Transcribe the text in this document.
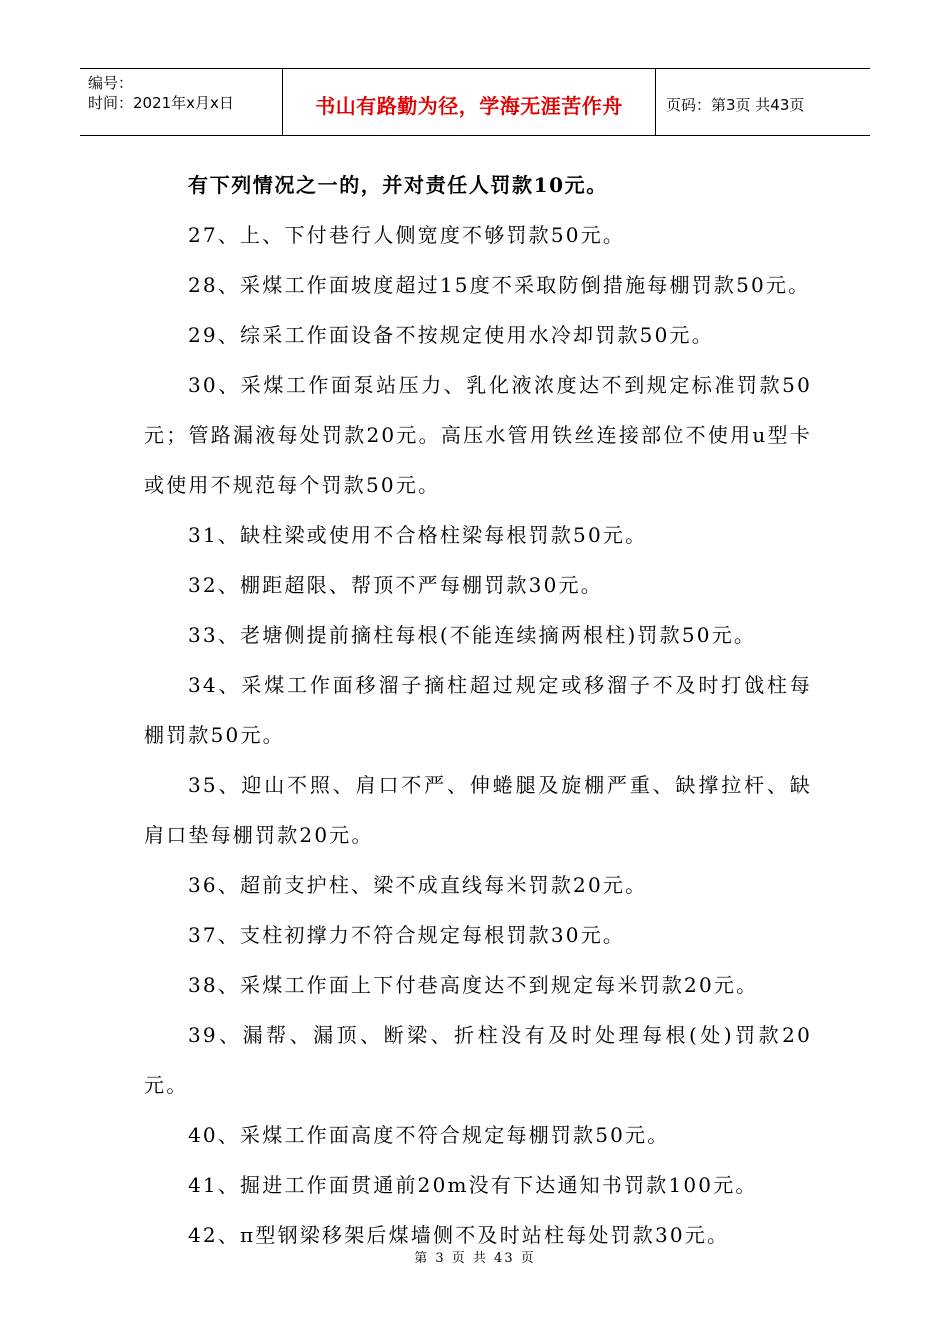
编号：
时间：2021年x月x日	书山有路勤为径，学海无涯苦作舟	页码：第3页 共43页

有下列情况之一的，并对责任人罚款10元。

27、上、下付巷行人侧宽度不够罚款50元。

28、采煤工作面坡度超过15度不采取防倒措施每棚罚款50元。

29、综采工作面设备不按规定使用水冷却罚款50元。

30、采煤工作面泵站压力、乳化液浓度达不到规定标准罚款50元；管路漏液每处罚款20元。高压水管用铁丝连接部位不使用u型卡或使用不规范每个罚款50元。

31、缺柱梁或使用不合格柱梁每根罚款50元。

32、棚距超限、帮顶不严每棚罚款30元。

33、老塘侧提前摘柱每根(不能连续摘两根柱)罚款50元。

34、采煤工作面移溜子摘柱超过规定或移溜子不及时打戗柱每棚罚款50元。

35、迎山不照、肩口不严、伸蜷腿及旋棚严重、缺撑拉杆、缺肩口垫每棚罚款20元。

36、超前支护柱、梁不成直线每米罚款20元。

37、支柱初撑力不符合规定每根罚款30元。

38、采煤工作面上下付巷高度达不到规定每米罚款20元。

39、漏帮、漏顶、断梁、折柱没有及时处理每根(处)罚款20元。

40、采煤工作面高度不符合规定每棚罚款50元。

41、掘进工作面贯通前20m没有下达通知书罚款100元。

42、π型钢梁移架后煤墙侧不及时站柱每处罚款30元。

第 3 页 共 43 页
